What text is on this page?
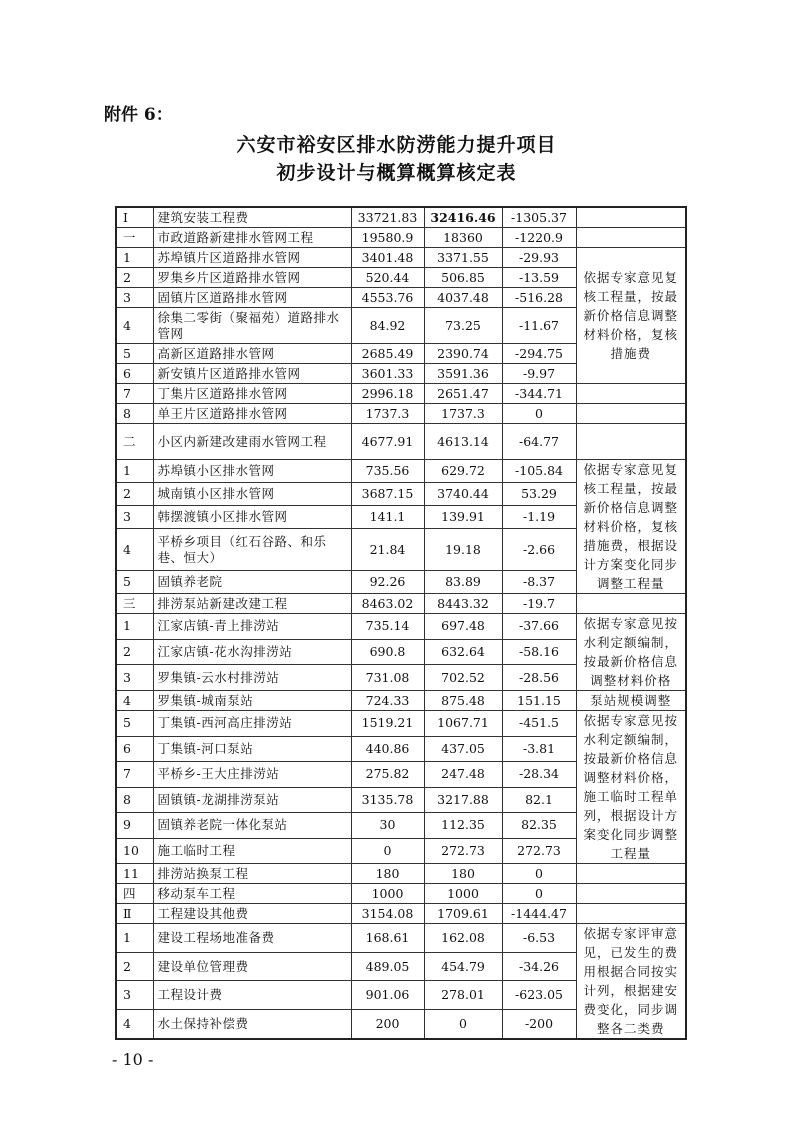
附件 6：
六安市裕安区排水防涝能力提升项目
初步设计与概算概算核定表
Ⅰ	建筑安装工程费	33721.83	32416.46	-1305.37	
一	市政道路新建排水管网工程	19580.9	18360	-1220.9	
1	苏埠镇片区道路排水管网	3401.48	3371.55	-29.93	依据专家意见复核工程量，按最新价格信息调整材料价格，复核措施费
2	罗集乡片区道路排水管网	520.44	506.85	-13.59	
3	固镇片区道路排水管网	4553.76	4037.48	-516.28	
4	徐集二零街（聚福苑）道路排水管网	84.92	73.25	-11.67	
5	高新区道路排水管网	2685.49	2390.74	-294.75	
6	新安镇片区道路排水管网	3601.33	3591.36	-9.97	
7	丁集片区道路排水管网	2996.18	2651.47	-344.71	
8	单王片区道路排水管网	1737.3	1737.3	0	
二	小区内新建改建雨水管网工程	4677.91	4613.14	-64.77	
1	苏埠镇小区排水管网	735.56	629.72	-105.84	依据专家意见复核工程量，按最新价格信息调整材料价格，复核措施费，根据设计方案变化同步调整工程量
2	城南镇小区排水管网	3687.15	3740.44	53.29	
3	韩摆渡镇小区排水管网	141.1	139.91	-1.19	
4	平桥乡项目（红石谷路、和乐巷、恒大）	21.84	19.18	-2.66	
5	固镇养老院	92.26	83.89	-8.37	
三	排涝泵站新建改建工程	8463.02	8443.32	-19.7	
1	江家店镇-青上排涝站	735.14	697.48	-37.66	依据专家意见按水利定额编制，按最新价格信息调整材料价格
2	江家店镇-花水沟排涝站	690.8	632.64	-58.16	
3	罗集镇-云水村排涝站	731.08	702.52	-28.56	
4	罗集镇-城南泵站	724.33	875.48	151.15	泵站规模调整
5	丁集镇-西河高庄排涝站	1519.21	1067.71	-451.5	依据专家意见按水利定额编制，按最新价格信息调整材料价格，施工临时工程单列，根据设计方案变化同步调整工程量
6	丁集镇-河口泵站	440.86	437.05	-3.81	
7	平桥乡-王大庄排涝站	275.82	247.48	-28.34	
8	固镇镇-龙湖排涝泵站	3135.78	3217.88	82.1	
9	固镇养老院一体化泵站	30	112.35	82.35	
10	施工临时工程	0	272.73	272.73	
11	排涝站换泵工程	180	180	0	
四	移动泵车工程	1000	1000	0	
Ⅱ	工程建设其他费	3154.08	1709.61	-1444.47	
1	建设工程场地准备费	168.61	162.08	-6.53	依据专家评审意见，已发生的费用根据合同按实计列，根据建安费变化，同步调整各二类费
2	建设单位管理费	489.05	454.79	-34.26	
3	工程设计费	901.06	278.01	-623.05	
4	水土保持补偿费	200	0	-200	
- 10 -
